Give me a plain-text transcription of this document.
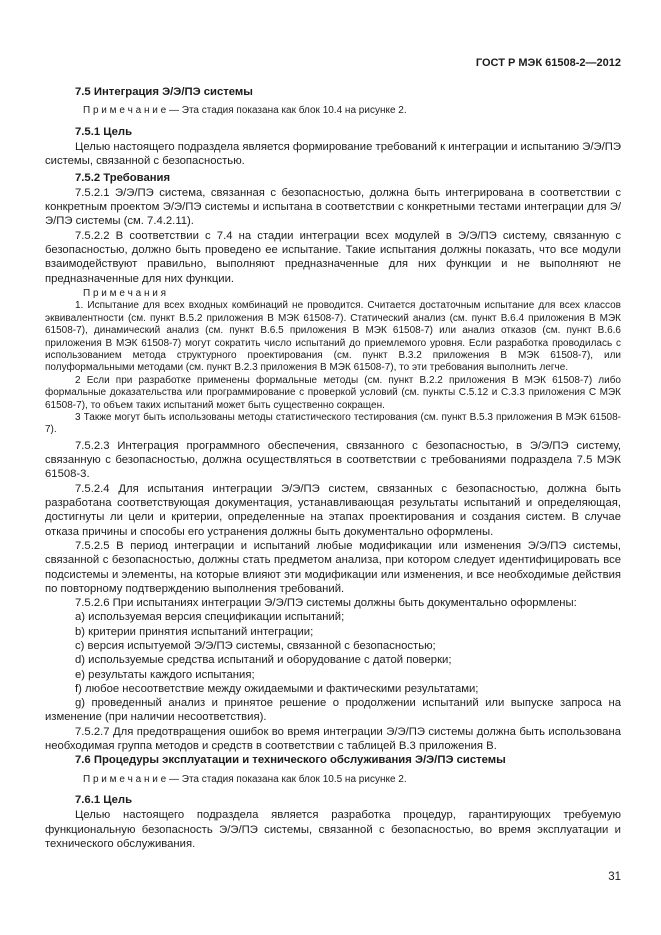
ГОСТ Р МЭК 61508-2—2012

7.5 Интеграция Э/Э/ПЭ системы

П р и м е ч а н и е — Эта стадия показана как блок 10.4 на рисунке 2.

7.5.1 Цель

Целью настоящего подраздела является формирование требований к интеграции и испытанию Э/Э/ПЭ системы, связанной с безопасностью.

7.5.2 Требования

7.5.2.1 Э/Э/ПЭ система, связанная с безопасностью, должна быть интегрирована в соответствии с конкретным проектом Э/Э/ПЭ системы и испытана в соответствии с конкретными тестами интеграции для Э/Э/ПЭ системы (см. 7.4.2.11).

7.5.2.2 В соответствии с 7.4 на стадии интеграции всех модулей в Э/Э/ПЭ систему, связанную с безопасностью, должно быть проведено ее испытание. Такие испытания должны показать, что все модули взаимодействуют правильно, выполняют предназначенные для них функции и не выполняют не предназначенные для них функции.

П р и м е ч а н и я

1. Испытание для всех входных комбинаций не проводится. Считается достаточным испытание для всех классов эквивалентности (см. пункт В.5.2 приложения В МЭК 61508-7). Статический анализ (см. пункт В.6.4 приложения В МЭК 61508-7), динамический анализ (см. пункт В.6.5 приложения В МЭК 61508-7) или анализ отказов (см. пункт В.6.6 приложения В МЭК 61508-7) могут сократить число испытаний до приемлемого уровня. Если разработка проводилась с использованием метода структурного проектирования (см. пункт В.3.2 приложения В МЭК 61508-7), или полуформальными методами (см. пункт В.2.3 приложения В МЭК 61508-7), то эти требования выполнить легче.

2 Если при разработке применены формальные методы (см. пункт В.2.2 приложения В МЭК 61508-7) либо формальные доказательства или программирование с проверкой условий (см. пункты С.5.12 и С.3.3 приложения С МЭК 61508-7), то объем таких испытаний может быть существенно сокращен.

3 Также могут быть использованы методы статистического тестирования (см. пункт В.5.3 приложения В МЭК 61508-7).

7.5.2.3 Интеграция программного обеспечения, связанного с безопасностью, в Э/Э/ПЭ систему, связанную с безопасностью, должна осуществляться в соответствии с требованиями подраздела 7.5 МЭК 61508-3.

7.5.2.4 Для испытания интеграции Э/Э/ПЭ систем, связанных с безопасностью, должна быть разработана соответствующая документация, устанавливающая результаты испытаний и определяющая, достигнуты ли цели и критерии, определенные на этапах проектирования и создания систем. В случае отказа причины и способы его устранения должны быть документально оформлены.

7.5.2.5 В период интеграции и испытаний любые модификации или изменения Э/Э/ПЭ системы, связанной с безопасностью, должны стать предметом анализа, при котором следует идентифицировать все подсистемы и элементы, на которые влияют эти модификации или изменения, и все необходимые действия по повторному подтверждению выполнения требований.

7.5.2.6 При испытаниях интеграции Э/Э/ПЭ системы должны быть документально оформлены:

a) используемая версия спецификации испытаний;

b) критерии принятия испытаний интеграции;

c) версия испытуемой Э/Э/ПЭ системы, связанной с безопасностью;

d) используемые средства испытаний и оборудование с датой поверки;

e) результаты каждого испытания;

f) любое несоответствие между ожидаемыми и фактическими результатами;

g) проведенный анализ и принятое решение о продолжении испытаний или выпуске запроса на изменение (при наличии несоответствия).

7.5.2.7 Для предотвращения ошибок во время интеграции Э/Э/ПЭ системы должна быть использована необходимая группа методов и средств в соответствии с таблицей В.3 приложения В.

7.6 Процедуры эксплуатации и технического обслуживания Э/Э/ПЭ системы

П р и м е ч а н и е — Эта стадия показана как блок 10.5 на рисунке 2.

7.6.1 Цель

Целью настоящего подраздела является разработка процедур, гарантирующих требуемую функциональную безопасность Э/Э/ПЭ системы, связанной с безопасностью, во время эксплуатации и технического обслуживания.

31
